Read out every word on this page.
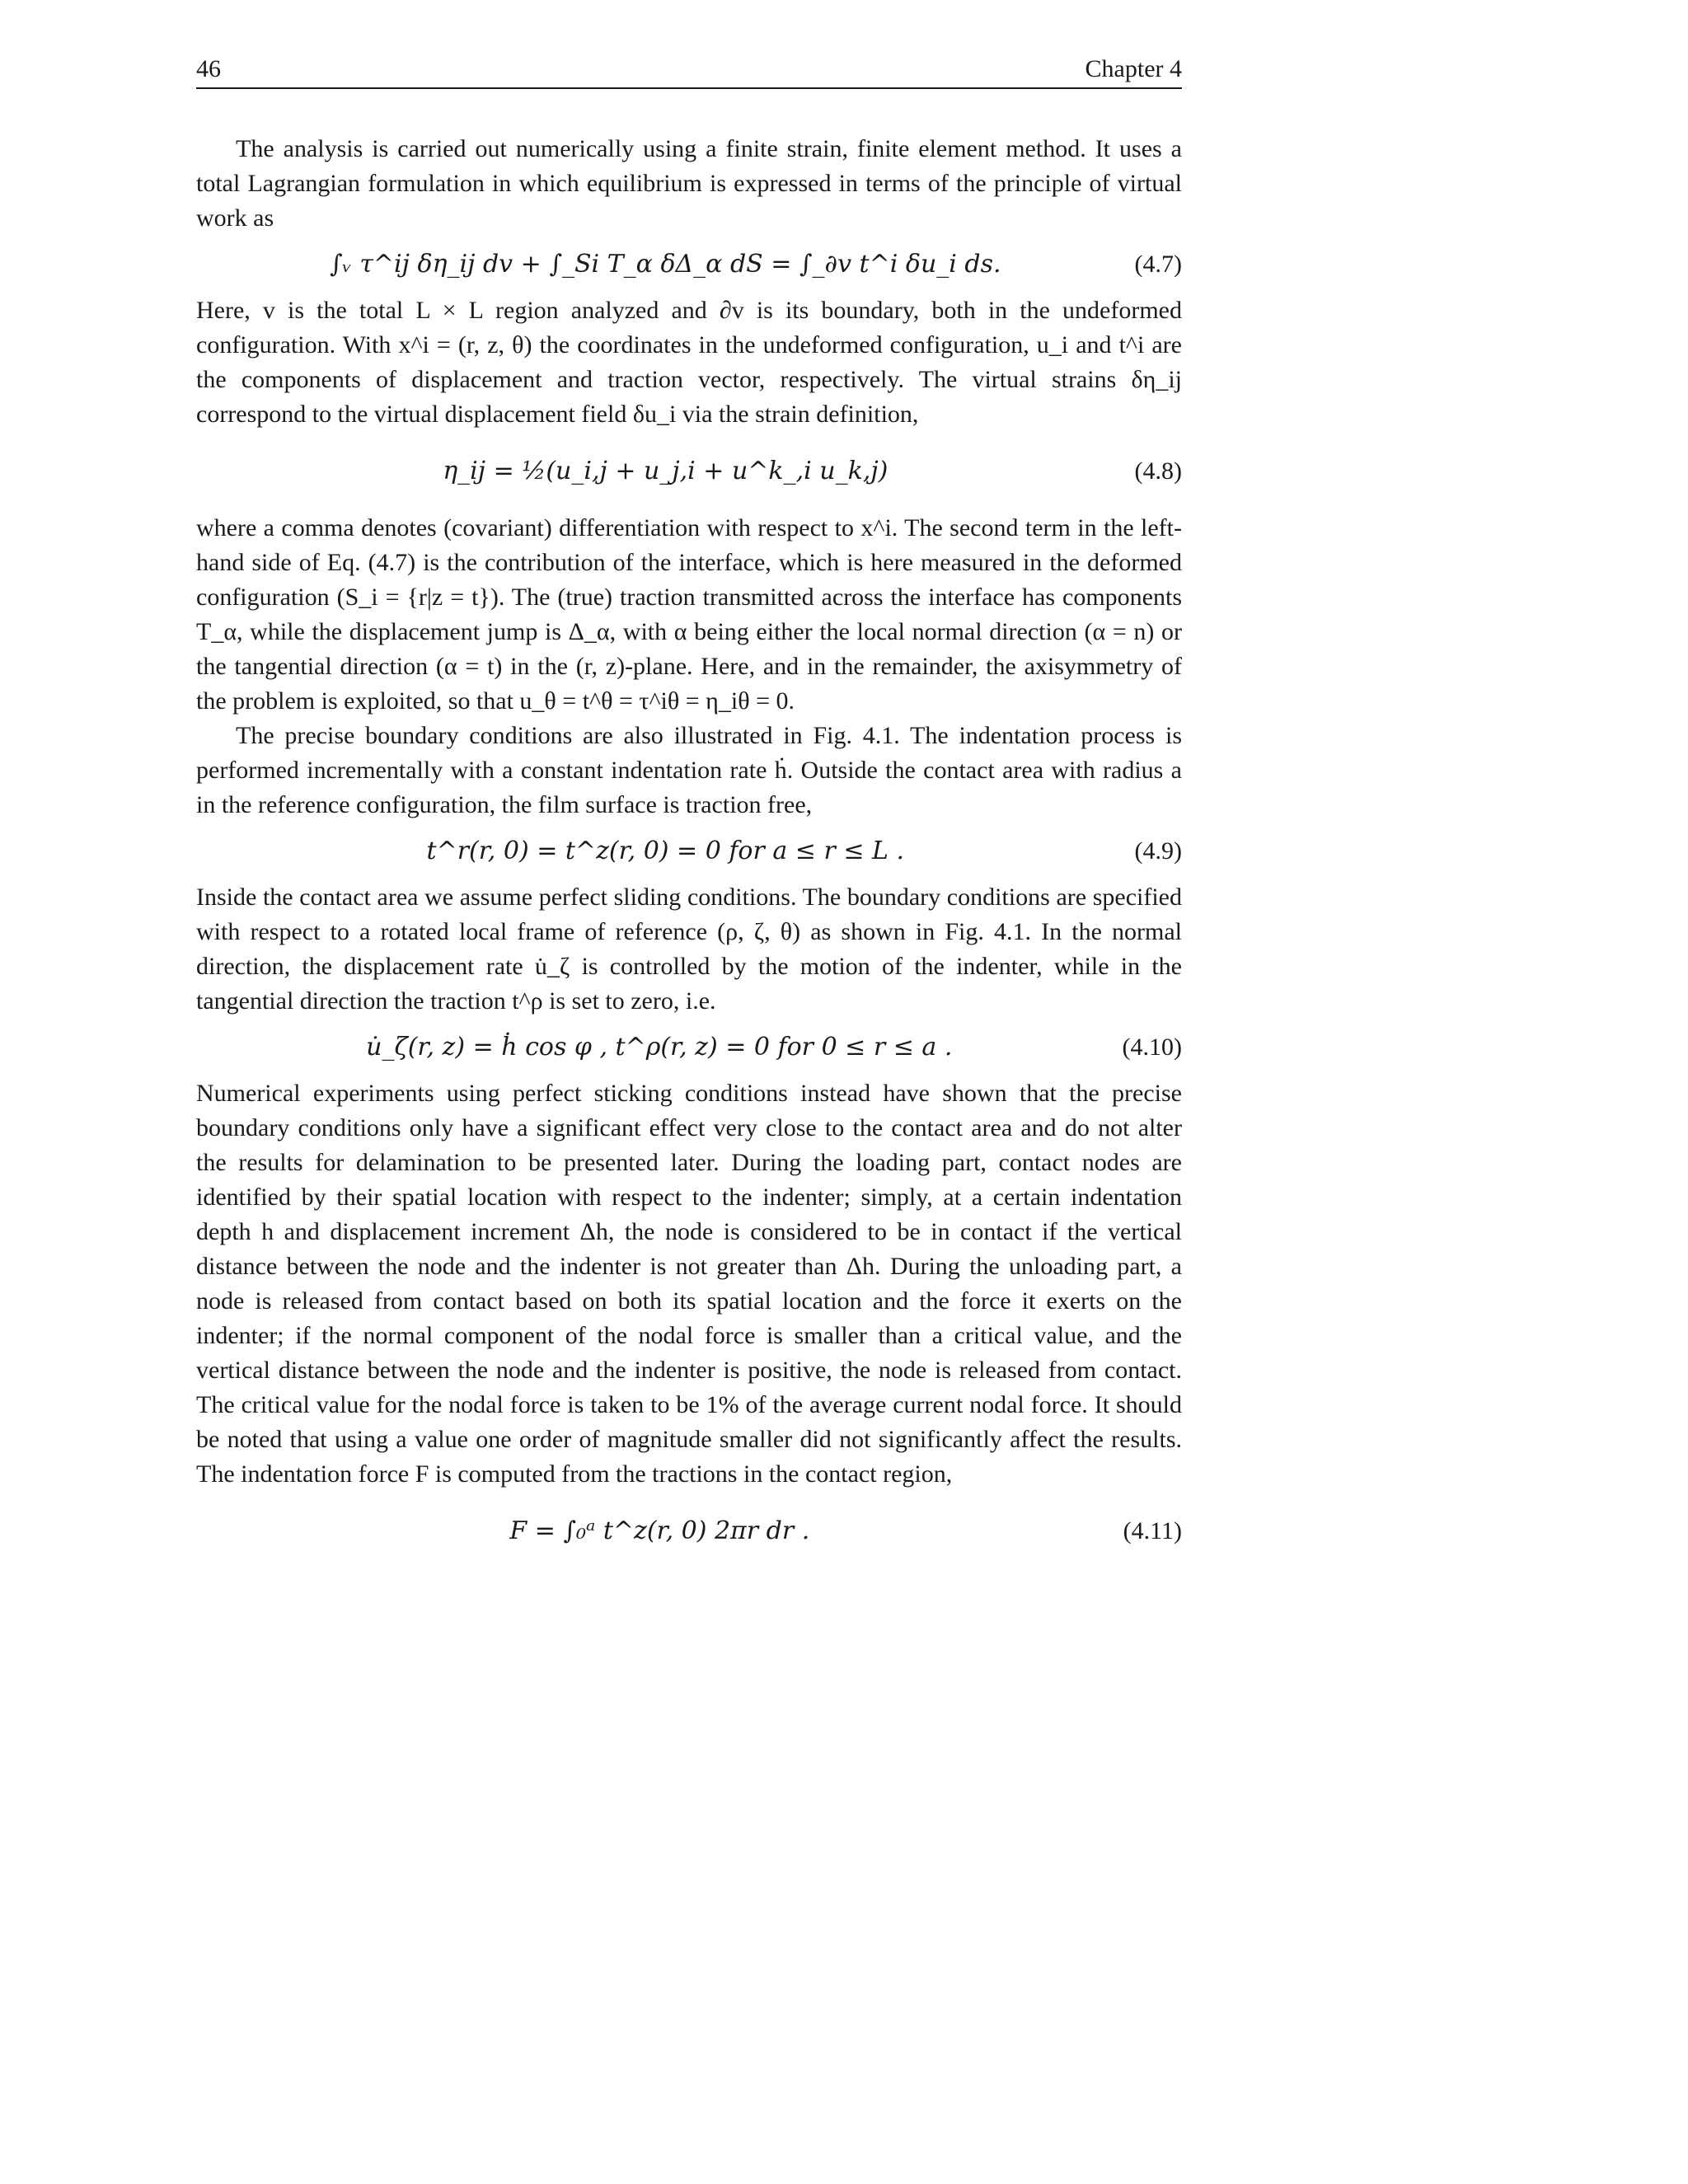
46	Chapter 4

The analysis is carried out numerically using a finite strain, finite element method. It uses a total Lagrangian formulation in which equilibrium is expressed in terms of the principle of virtual work as

∫ᵥ τ^ij δη_ij dv + ∫_Si T_α δΔ_α dS = ∫_∂v t^i δu_i ds.	(4.7)

Here, v is the total L × L region analyzed and ∂v is its boundary, both in the undeformed configuration. With x^i = (r, z, θ) the coordinates in the undeformed configuration, u_i and t^i are the components of displacement and traction vector, respectively. The virtual strains δη_ij correspond to the virtual displacement field δu_i via the strain definition,

η_ij = ½(u_i,j + u_j,i + u^k_,i u_k,j)	(4.8)

where a comma denotes (covariant) differentiation with respect to x^i. The second term in the left-hand side of Eq. (4.7) is the contribution of the interface, which is here measured in the deformed configuration (S_i = {r|z = t}). The (true) traction transmitted across the interface has components T_α, while the displacement jump is Δ_α, with α being either the local normal direction (α = n) or the tangential direction (α = t) in the (r, z)-plane. Here, and in the remainder, the axisymmetry of the problem is exploited, so that u_θ = t^θ = τ^iθ = η_iθ = 0.

The precise boundary conditions are also illustrated in Fig. 4.1. The indentation process is performed incrementally with a constant indentation rate ḣ. Outside the contact area with radius a in the reference configuration, the film surface is traction free,

t^r(r, 0) = t^z(r, 0) = 0 for a ≤ r ≤ L .	(4.9)

Inside the contact area we assume perfect sliding conditions. The boundary conditions are specified with respect to a rotated local frame of reference (ρ, ζ, θ) as shown in Fig. 4.1. In the normal direction, the displacement rate u̇_ζ is controlled by the motion of the indenter, while in the tangential direction the traction t^ρ is set to zero, i.e.

u̇_ζ(r, z) = ḣ cos φ , t^ρ(r, z) = 0 for 0 ≤ r ≤ a .	(4.10)

Numerical experiments using perfect sticking conditions instead have shown that the precise boundary conditions only have a significant effect very close to the contact area and do not alter the results for delamination to be presented later. During the loading part, contact nodes are identified by their spatial location with respect to the indenter; simply, at a certain indentation depth h and displacement increment Δh, the node is considered to be in contact if the vertical distance between the node and the indenter is not greater than Δh. During the unloading part, a node is released from contact based on both its spatial location and the force it exerts on the indenter; if the normal component of the nodal force is smaller than a critical value, and the vertical distance between the node and the indenter is positive, the node is released from contact. The critical value for the nodal force is taken to be 1% of the average current nodal force. It should be noted that using a value one order of magnitude smaller did not significantly affect the results. The indentation force F is computed from the tractions in the contact region,

F = ∫₀ᵃ t^z(r, 0) 2πr dr .	(4.11)
